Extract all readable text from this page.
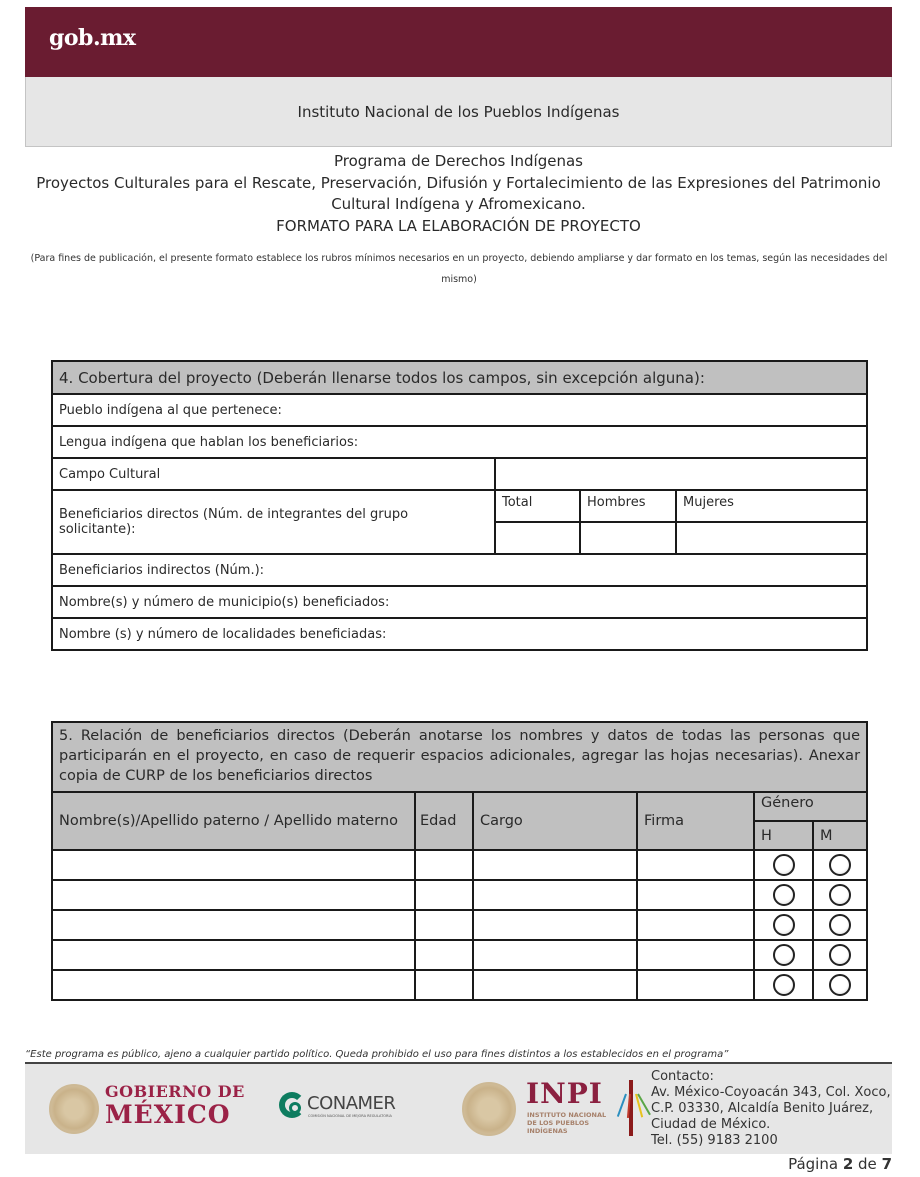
gob.mx
Instituto Nacional de los Pueblos Indígenas
Programa de Derechos Indígenas
Proyectos Culturales para el Rescate, Preservación, Difusión y Fortalecimiento de las Expresiones del Patrimonio Cultural Indígena y Afromexicano.
FORMATO PARA LA ELABORACIÓN DE PROYECTO
(Para fines de publicación, el presente formato establece los rubros mínimos necesarios en un proyecto, debiendo ampliarse y dar formato en los temas, según las necesidades del mismo)
4. Cobertura del proyecto (Deberán llenarse todos los campos, sin excepción alguna):			
Pueblo indígena al que pertenece:			
Lengua indígena que hablan los beneficiarios:			
Campo Cultural			
Beneficiarios directos (Núm. de integrantes del grupo solicitante):	Total	Hombres	Mujeres

Beneficiarios indirectos (Núm.):			
Nombre(s) y número de municipio(s) beneficiados:			
Nombre (s) y número de localidades beneficiadas:			
5. Relación de beneficiarios directos (Deberán anotarse los nombres y datos de todas las personas que participarán en el proyecto, en caso de requerir espacios adicionales, agregar las hojas necesarias). Anexar copia de CURP de los beneficiarios directos					
Nombre(s)/Apellido paterno / Apellido materno	Edad	Cargo	Firma	Género	
				H	M

“Este programa es público, ajeno a cualquier partido político. Queda prohibido el uso para fines distintos a los establecidos en el programa”
GOBIERNO DE
MÉXICO	CONAMER
COMISIÓN NACIONAL DE MEJORA REGULATORIA
INPI
INSTITUTO NACIONAL
DE LOS PUEBLOS
INDÍGENAS
Contacto:
Av. México-Coyoacán 343, Col. Xoco,
C.P. 03330, Alcaldía Benito Juárez,
Ciudad de México.
Tel. (55) 9183 2100
Página 2 de 7
